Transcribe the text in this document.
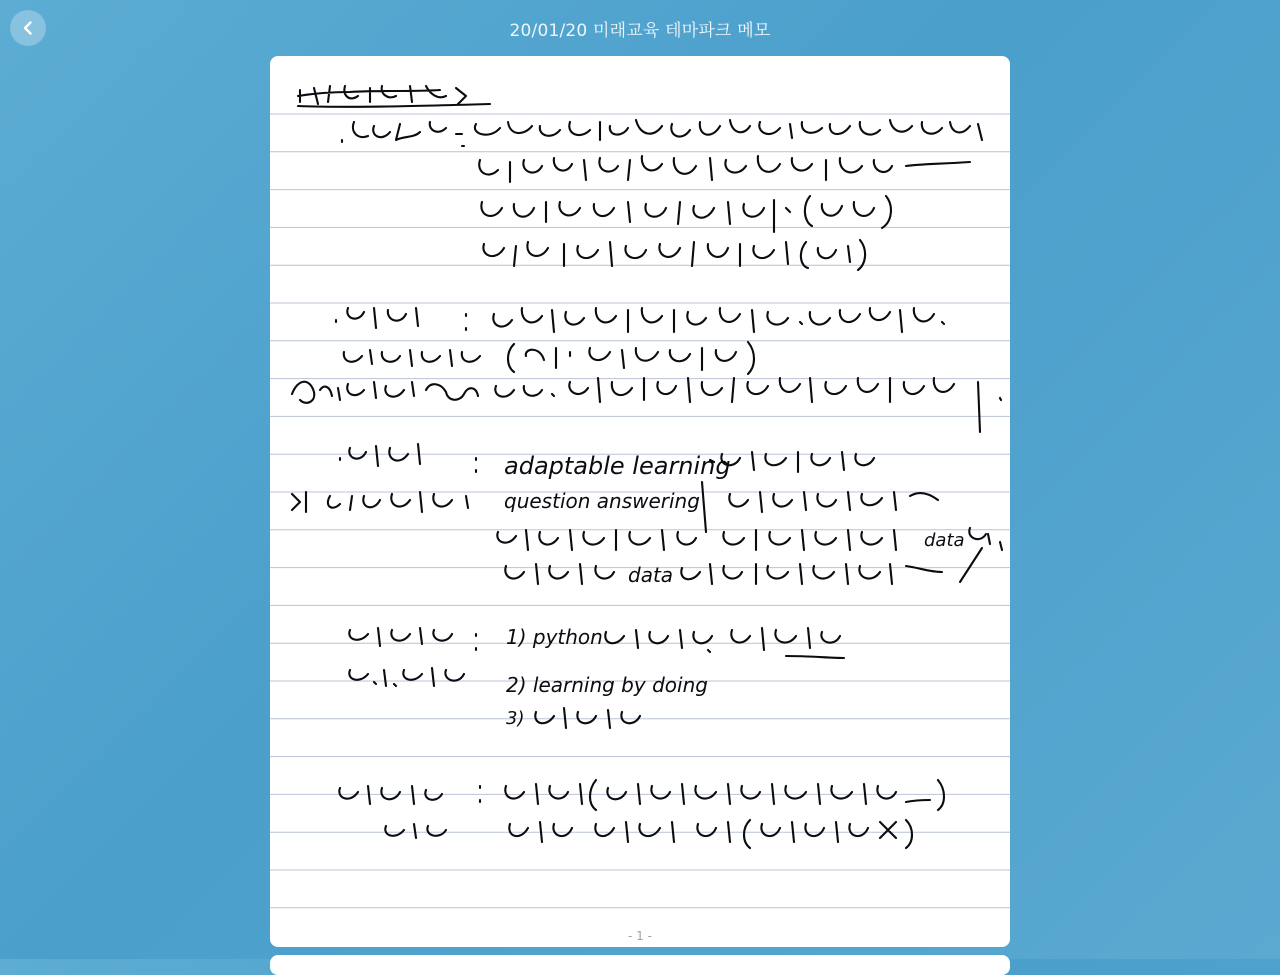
20/01/20 미래교육 테마파크 메모
adaptable learning
question answering
data
data
1) python
2) learning by doing
3)
- 1 -
